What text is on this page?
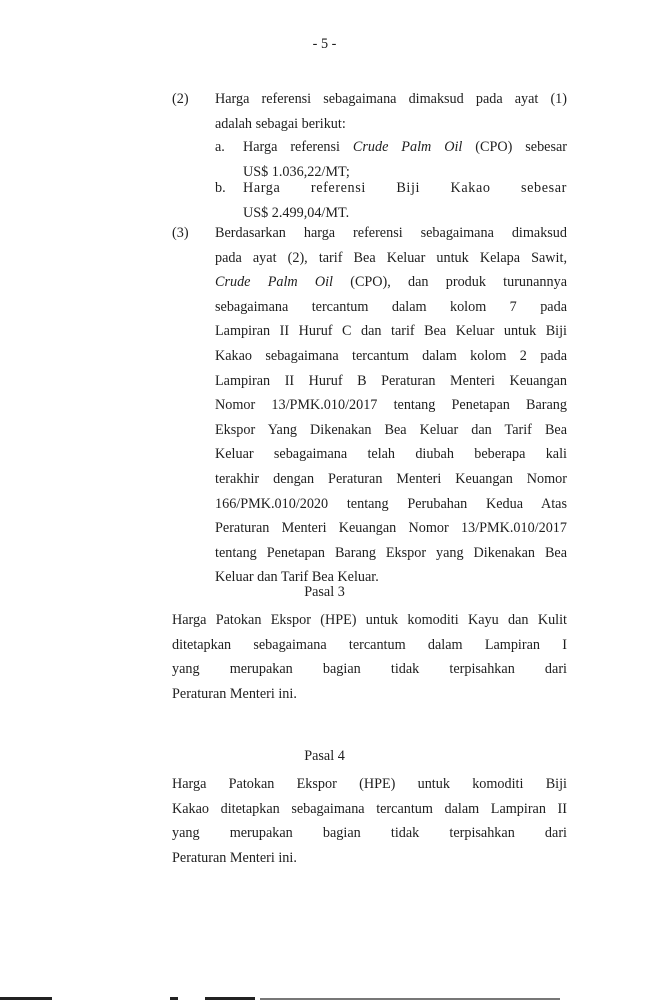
- 5 -
(2) Harga referensi sebagaimana dimaksud pada ayat (1)
adalah sebagai berikut:
a. Harga referensi Crude Palm Oil (CPO) sebesar
US$ 1.036,22/MT;
b. Harga referensi Biji Kakao sebesar
US$ 2.499,04/MT.
(3) Berdasarkan harga referensi sebagaimana dimaksud
pada ayat (2), tarif Bea Keluar untuk Kelapa Sawit,
Crude Palm Oil (CPO), dan produk turunannya
sebagaimana tercantum dalam kolom 7 pada
Lampiran II Huruf C dan tarif Bea Keluar untuk Biji
Kakao sebagaimana tercantum dalam kolom 2 pada
Lampiran II Huruf B Peraturan Menteri Keuangan
Nomor 13/PMK.010/2017 tentang Penetapan Barang
Ekspor Yang Dikenakan Bea Keluar dan Tarif Bea
Keluar sebagaimana telah diubah beberapa kali
terakhir dengan Peraturan Menteri Keuangan Nomor
166/PMK.010/2020 tentang Perubahan Kedua Atas
Peraturan Menteri Keuangan Nomor 13/PMK.010/2017
tentang Penetapan Barang Ekspor yang Dikenakan Bea
Keluar dan Tarif Bea Keluar.
Pasal 3
Harga Patokan Ekspor (HPE) untuk komoditi Kayu dan Kulit
ditetapkan sebagaimana tercantum dalam Lampiran I
yang merupakan bagian tidak terpisahkan dari
Peraturan Menteri ini.
Pasal 4
Harga Patokan Ekspor (HPE) untuk komoditi Biji
Kakao ditetapkan sebagaimana tercantum dalam Lampiran II
yang merupakan bagian tidak terpisahkan dari
Peraturan Menteri ini.
